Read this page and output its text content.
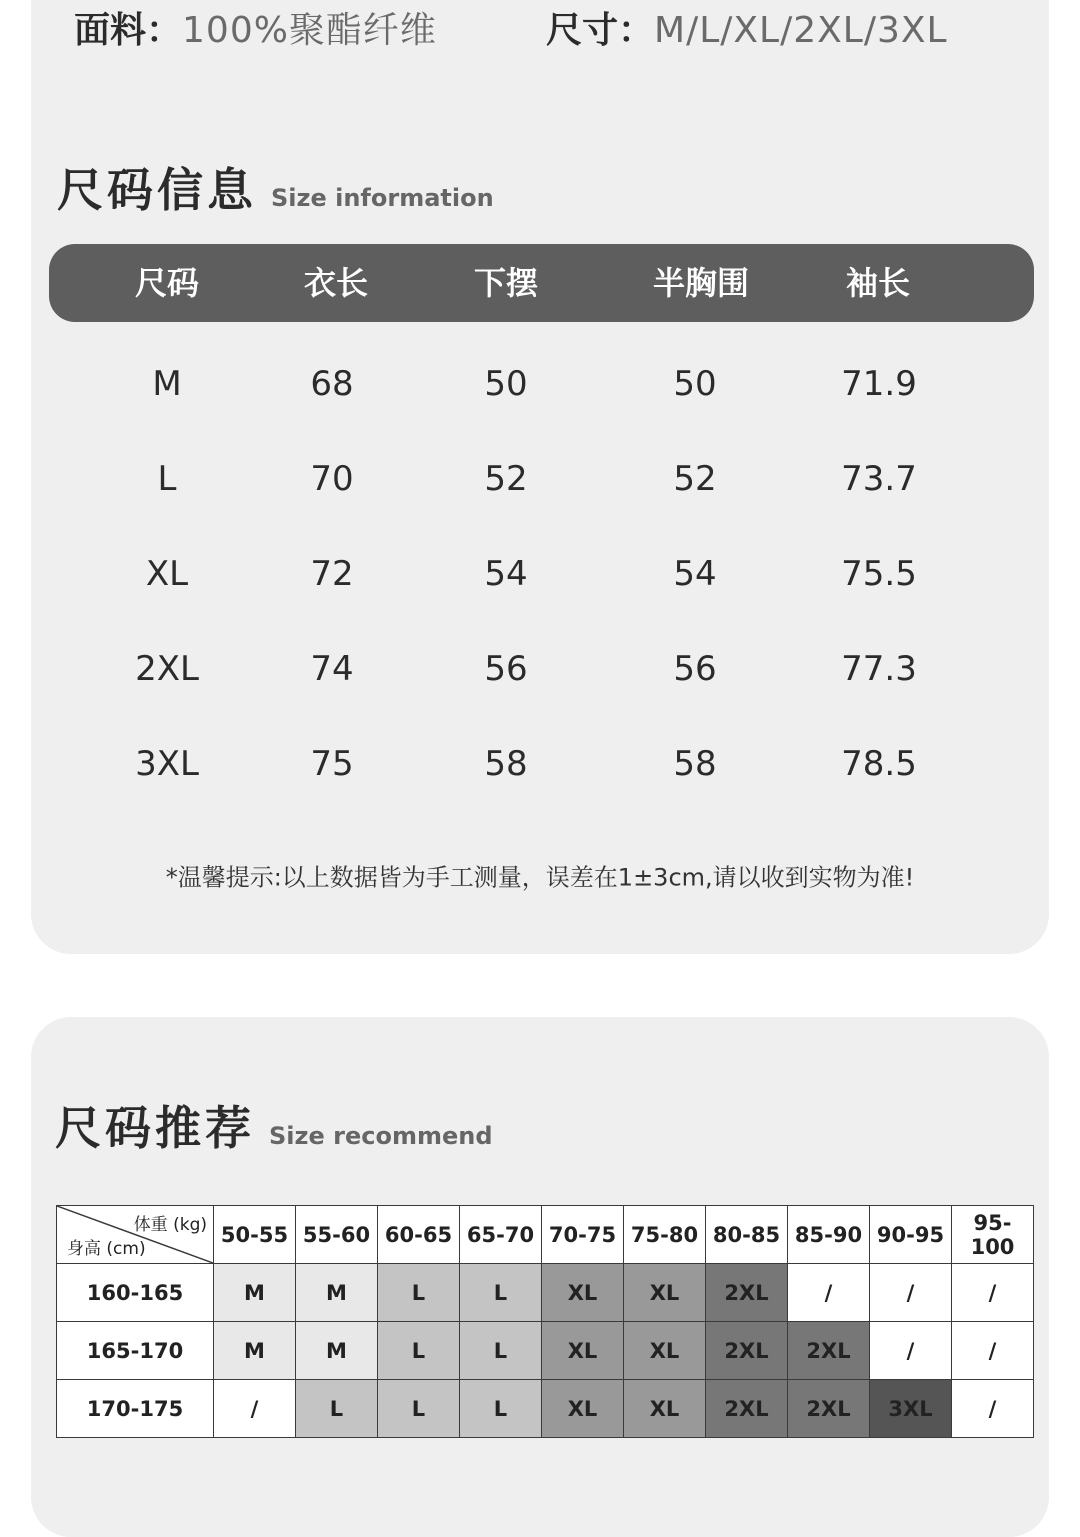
面料：100%聚酯纤维	尺寸：M/L/XL/2XL/3XL
尺码信息 Size information
尺码	衣长	下摆	半胸围	袖长
M	68	50	50	71.9
L	70	52	52	73.7
XL	72	54	54	75.5
2XL	74	56	56	77.3
3XL	75	58	58	78.5
*温馨提示:以上数据皆为手工测量，误差在1±3cm,请以收到实物为准!
尺码推荐 Size recommend
体重 (kg)
身高 (cm)	50-55	55-60	60-65	65-70	70-75	75-80	80-85	85-90	90-95	95-100
160-165	M	M	L	L	XL	XL	2XL	/	/	/
165-170	M	M	L	L	XL	XL	2XL	2XL	/	/
170-175	/	L	L	L	XL	XL	2XL	2XL	3XL	/
